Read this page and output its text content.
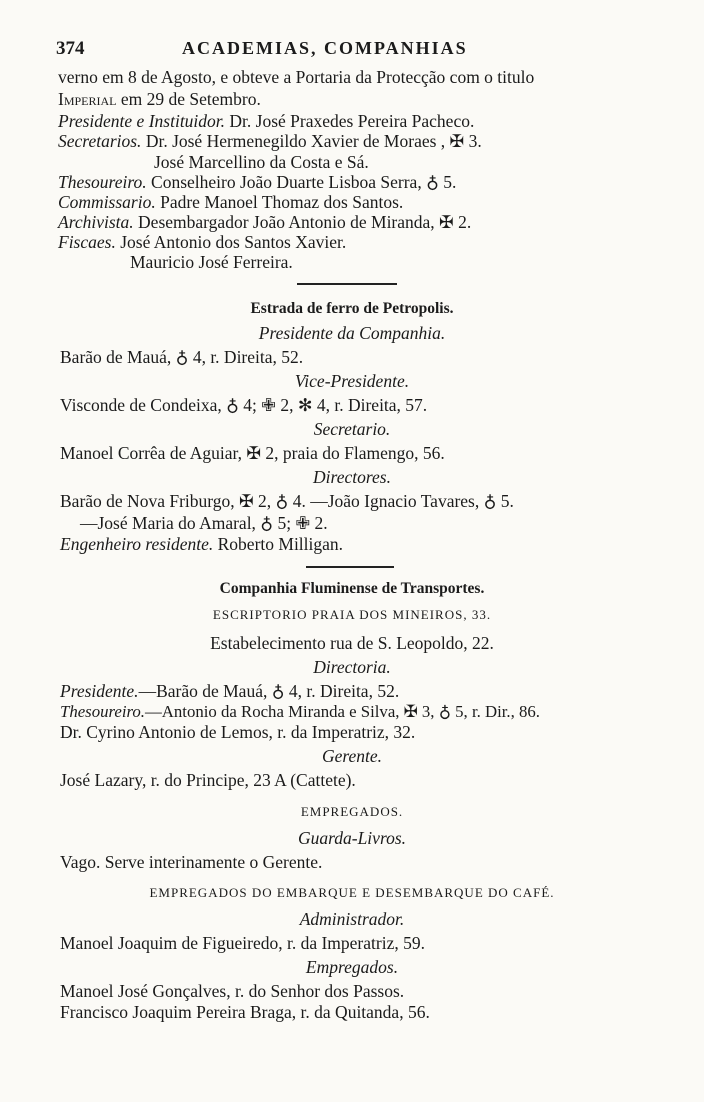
374	ACADEMIAS, COMPANHIAS
verno em 8 de Agosto, e obteve a Portaria da Protecção com o titulo
Imperial em 29 de Setembro.
Presidente e Instituidor. Dr. José Praxedes Pereira Pacheco.
Secretarios. Dr. José Hermenegildo Xavier de Moraes , ✠ 3.
José Marcellino da Costa e Sá.
Thesoureiro. Conselheiro João Duarte Lisboa Serra, ♁ 5.
Commissario. Padre Manoel Thomaz dos Santos.
Archivista. Desembargador João Antonio de Miranda, ✠ 2.
Fiscaes. José Antonio dos Santos Xavier.
Mauricio José Ferreira.
Estrada de ferro de Petropolis.
Presidente da Companhia.
Barão de Mauá, ♁ 4, r. Direita, 52.
Vice-Presidente.
Visconde de Condeixa, ♁ 4; ✙ 2, ✻ 4, r. Direita, 57.
Secretario.
Manoel Corrêa de Aguiar, ✠ 2, praia do Flamengo, 56.
Directores.
Barão de Nova Friburgo, ✠ 2, ♁ 4. —João Ignacio Tavares, ♁ 5.
—José Maria do Amaral, ♁ 5; ✙ 2.
Engenheiro residente. Roberto Milligan.
Companhia Fluminense de Transportes.
ESCRIPTORIO PRAIA DOS MINEIROS, 33.
Estabelecimento rua de S. Leopoldo, 22.
Directoria.
Presidente.—Barão de Mauá, ♁ 4, r. Direita, 52.
Thesoureiro.—Antonio da Rocha Miranda e Silva, ✠ 3, ♁ 5, r. Dir., 86.
Dr. Cyrino Antonio de Lemos, r. da Imperatriz, 32.
Gerente.
José Lazary, r. do Principe, 23 A (Cattete).
EMPREGADOS.
Guarda-Livros.
Vago. Serve interinamente o Gerente.
EMPREGADOS DO EMBARQUE E DESEMBARQUE DO CAFÉ.
Administrador.
Manoel Joaquim de Figueiredo, r. da Imperatriz, 59.
Empregados.
Manoel José Gonçalves, r. do Senhor dos Passos.
Francisco Joaquim Pereira Braga, r. da Quitanda, 56.
